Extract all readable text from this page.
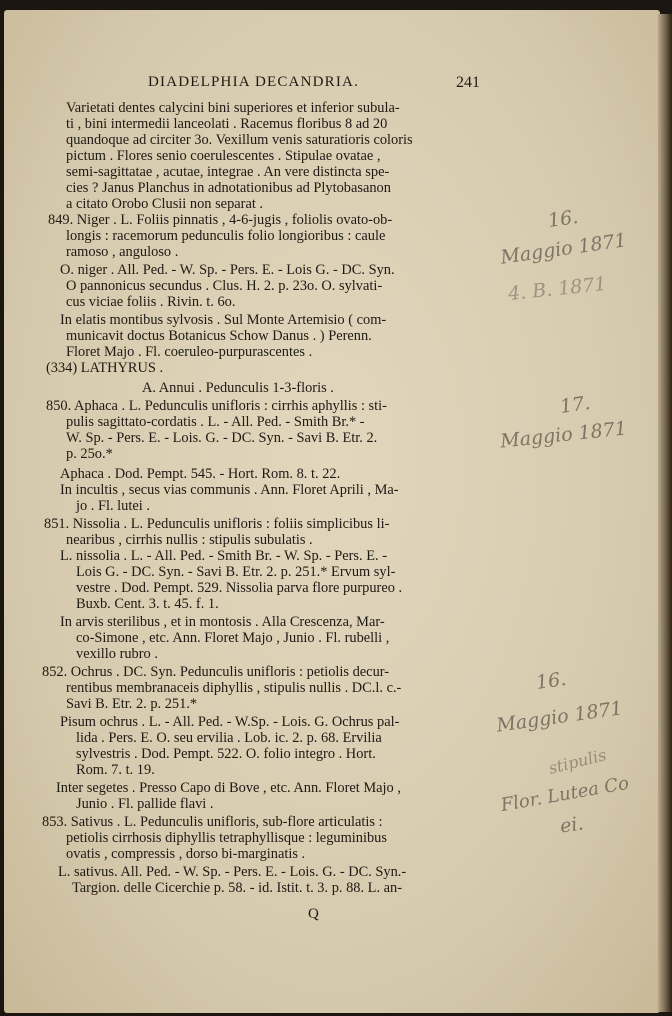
DIADELPHIA DECANDRIA.	241
Varietati dentes calycini bini superiores et inferior subula-
ti , bini intermedii lanceolati . Racemus floribus 8 ad 20
quandoque ad circiter 3o. Vexillum venis saturatioris coloris
pictum . Flores senio coerulescentes . Stipulae ovatae ,
semi-sagittatae , acutae, integrae . An vere distincta spe-
cies ? Janus Planchus in adnotationibus ad Plytobasanon
a citato Orobo Clusii non separat .
849. Niger . L. Foliis pinnatis , 4-6-jugis , foliolis ovato-ob-
longis : racemorum pedunculis folio longioribus : caule
ramoso , anguloso .
O. niger . All. Ped. - W. Sp. - Pers. E. - Lois G. - DC. Syn.
O pannonicus secundus . Clus. H. 2. p. 23o. O. sylvati-
cus viciae foliis . Rivin. t. 6o.
In elatis montibus sylvosis . Sul Monte Artemisio ( com-
municavit doctus Botanicus Schow Danus . ) Perenn.
Floret Majo . Fl. coeruleo-purpurascentes .
(334) LATHYRUS .
A. Annui . Pedunculis 1-3-floris .
850. Aphaca . L. Pedunculis unifloris : cirrhis aphyllis : sti-
pulis sagittato-cordatis . L. - All. Ped. - Smith Br.* -
W. Sp. - Pers. E. - Lois. G. - DC. Syn. - Savi B. Etr. 2.
p. 25o.*
Aphaca . Dod. Pempt. 545. - Hort. Rom. 8. t. 22.
In incultis , secus vias communis . Ann. Floret Aprili , Ma-
jo . Fl. lutei .
851. Nissolia . L. Pedunculis unifloris : foliis simplicibus li-
nearibus , cirrhis nullis : stipulis subulatis .
L. nissolia . L. - All. Ped. - Smith Br. - W. Sp. - Pers. E. -
Lois G. - DC. Syn. - Savi B. Etr. 2. p. 251.* Ervum syl-
vestre . Dod. Pempt. 529. Nissolia parva flore purpureo .
Buxb. Cent. 3. t. 45. f. 1.
In arvis sterilibus , et in montosis . Alla Crescenza, Mar-
co-Simone , etc. Ann. Floret Majo , Junio . Fl. rubelli ,
vexillo rubro .
852. Ochrus . DC. Syn. Pedunculis unifloris : petiolis decur-
rentibus membranaceis diphyllis , stipulis nullis . DC.l. c.-
Savi B. Etr. 2. p. 251.*
Pisum ochrus . L. - All. Ped. - W.Sp. - Lois. G. Ochrus pal-
lida . Pers. E. O. seu ervilia . Lob. ic. 2. p. 68. Ervilia
sylvestris . Dod. Pempt. 522. O. folio integro . Hort.
Rom. 7. t. 19.
Inter segetes . Presso Capo di Bove , etc. Ann. Floret Majo ,
Junio . Fl. pallide flavi .
853. Sativus . L. Pedunculis unifloris, sub-flore articulatis :
petiolis cirrhosis diphyllis tetraphyllisque : leguminibus
ovatis , compressis , dorso bi-marginatis .
L. sativus. All. Ped. - W. Sp. - Pers. E. - Lois. G. - DC. Syn.-
Targion. delle Cicerchie p. 58. - id. Istit. t. 3. p. 88. L. an-
Q
16.
Maggio 1871
4. B. 1871
17.
Maggio 1871
16.
Maggio 1871
stipulis
Flor. Lutea Co
ei.
